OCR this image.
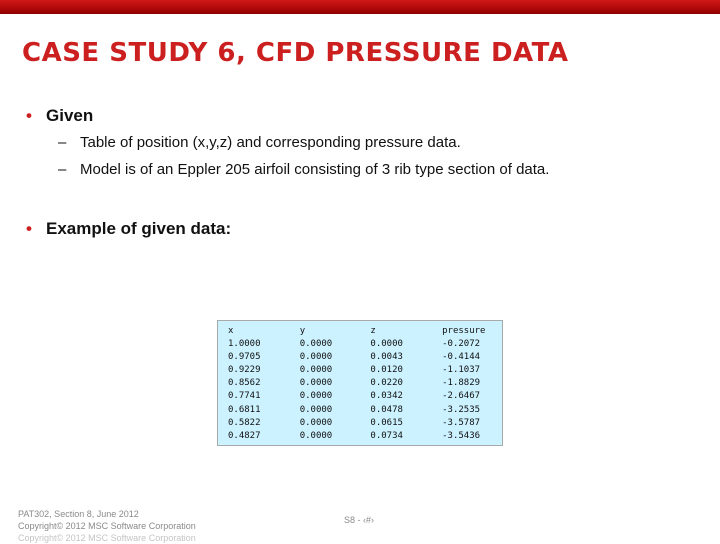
CASE STUDY 6, CFD PRESSURE DATA
• Given
– Table of position (x,y,z) and corresponding pressure data.
– Model is of an Eppler 205 airfoil consisting of 3 rib type section of data.
• Example of given data:
x	y	z	pressure
1.0000	0.0000	0.0000	-0.2072
0.9705	0.0000	0.0043	-0.4144
0.9229	0.0000	0.0120	-1.1037
0.8562	0.0000	0.0220	-1.8829
0.7741	0.0000	0.0342	-2.6467
0.6811	0.0000	0.0478	-3.2535
0.5822	0.0000	0.0615	-3.5787
0.4827	0.0000	0.0734	-3.5436
PAT302, Section 8, June 2012
Copyright© 2012 MSC Software Corporation
Copyright© 2012 MSC Software Corporation
S8 - ‹#›
